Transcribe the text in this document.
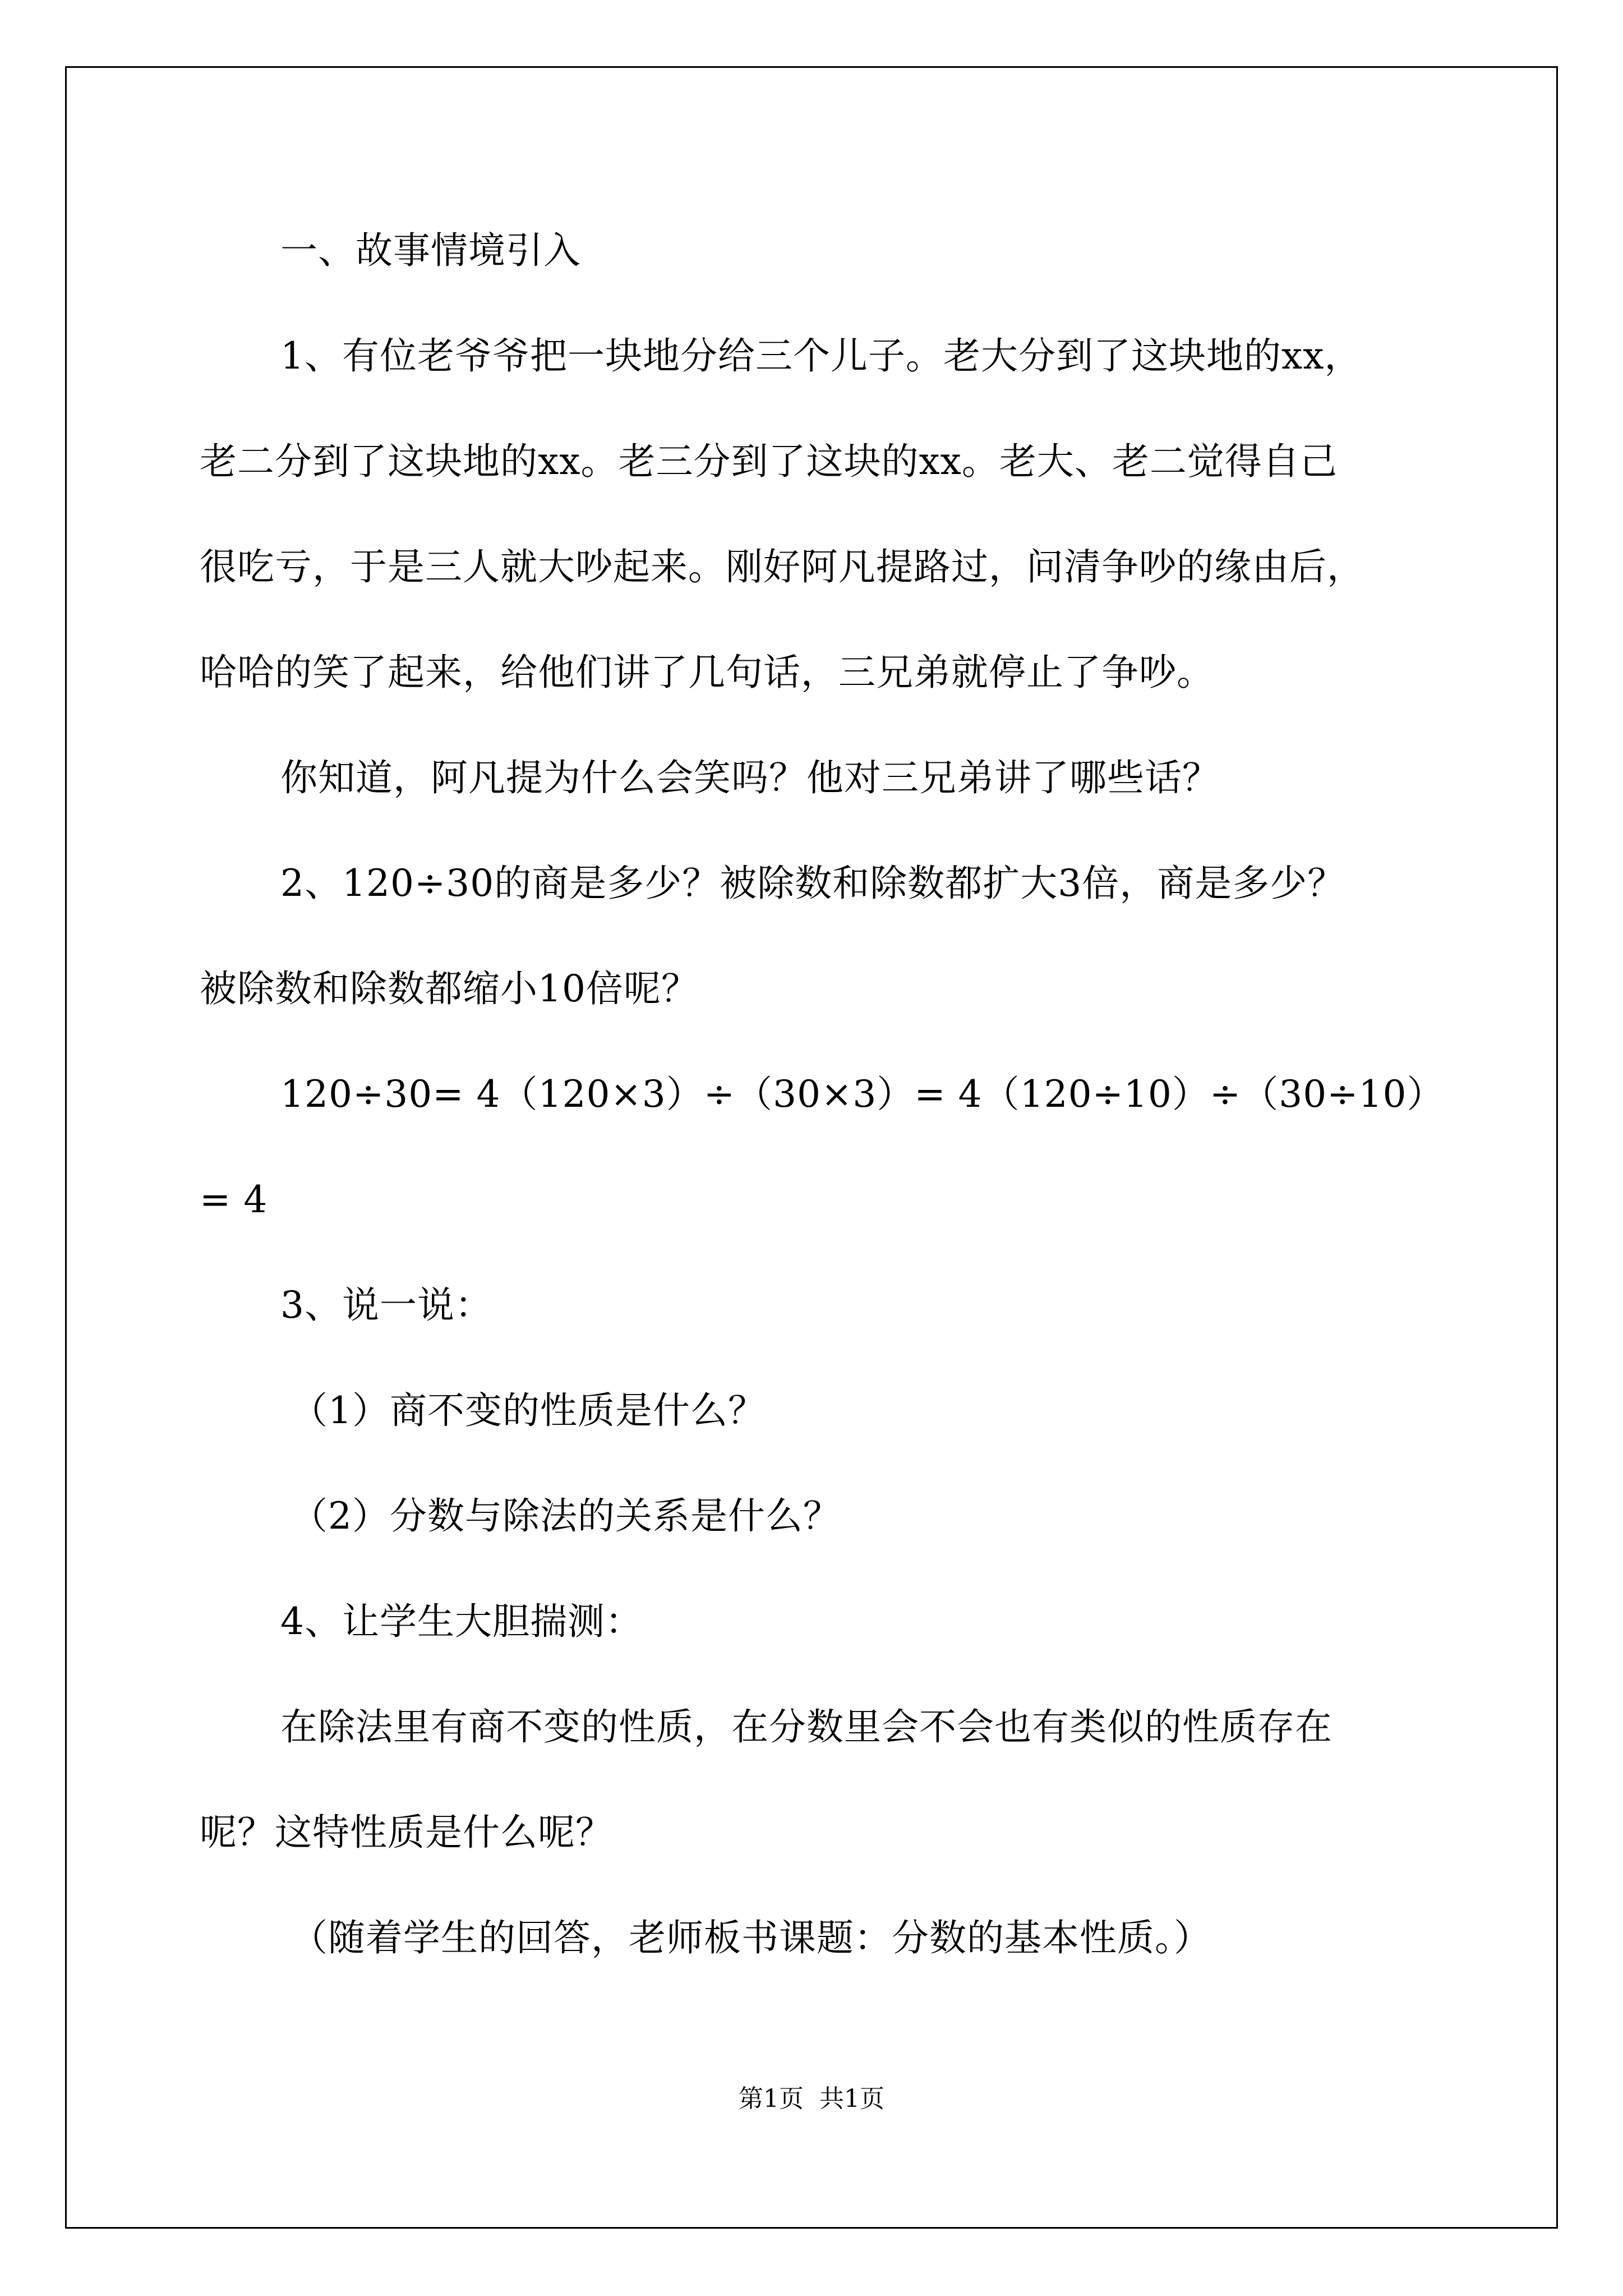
一、故事情境引入
1、有位老爷爷把一块地分给三个儿子。老大分到了这块地的xx，
老二分到了这块地的xx。老三分到了这块的xx。老大、老二觉得自己
很吃亏，于是三人就大吵起来。刚好阿凡提路过，问清争吵的缘由后，
哈哈的笑了起来，给他们讲了几句话，三兄弟就停止了争吵。
你知道，阿凡提为什么会笑吗？他对三兄弟讲了哪些话？
2、120÷30的商是多少？被除数和除数都扩大3倍，商是多少？
被除数和除数都缩小10倍呢？
120÷30= 4（120×3）÷（30×3）= 4（120÷10）÷（30÷10）
= 4
3、说一说：
（1）商不变的性质是什么？
（2）分数与除法的关系是什么？
4、让学生大胆揣测：
在除法里有商不变的性质，在分数里会不会也有类似的性质存在
呢？这特性质是什么呢？
（随着学生的回答，老师板书课题：分数的基本性质。）
第1页 共1页
